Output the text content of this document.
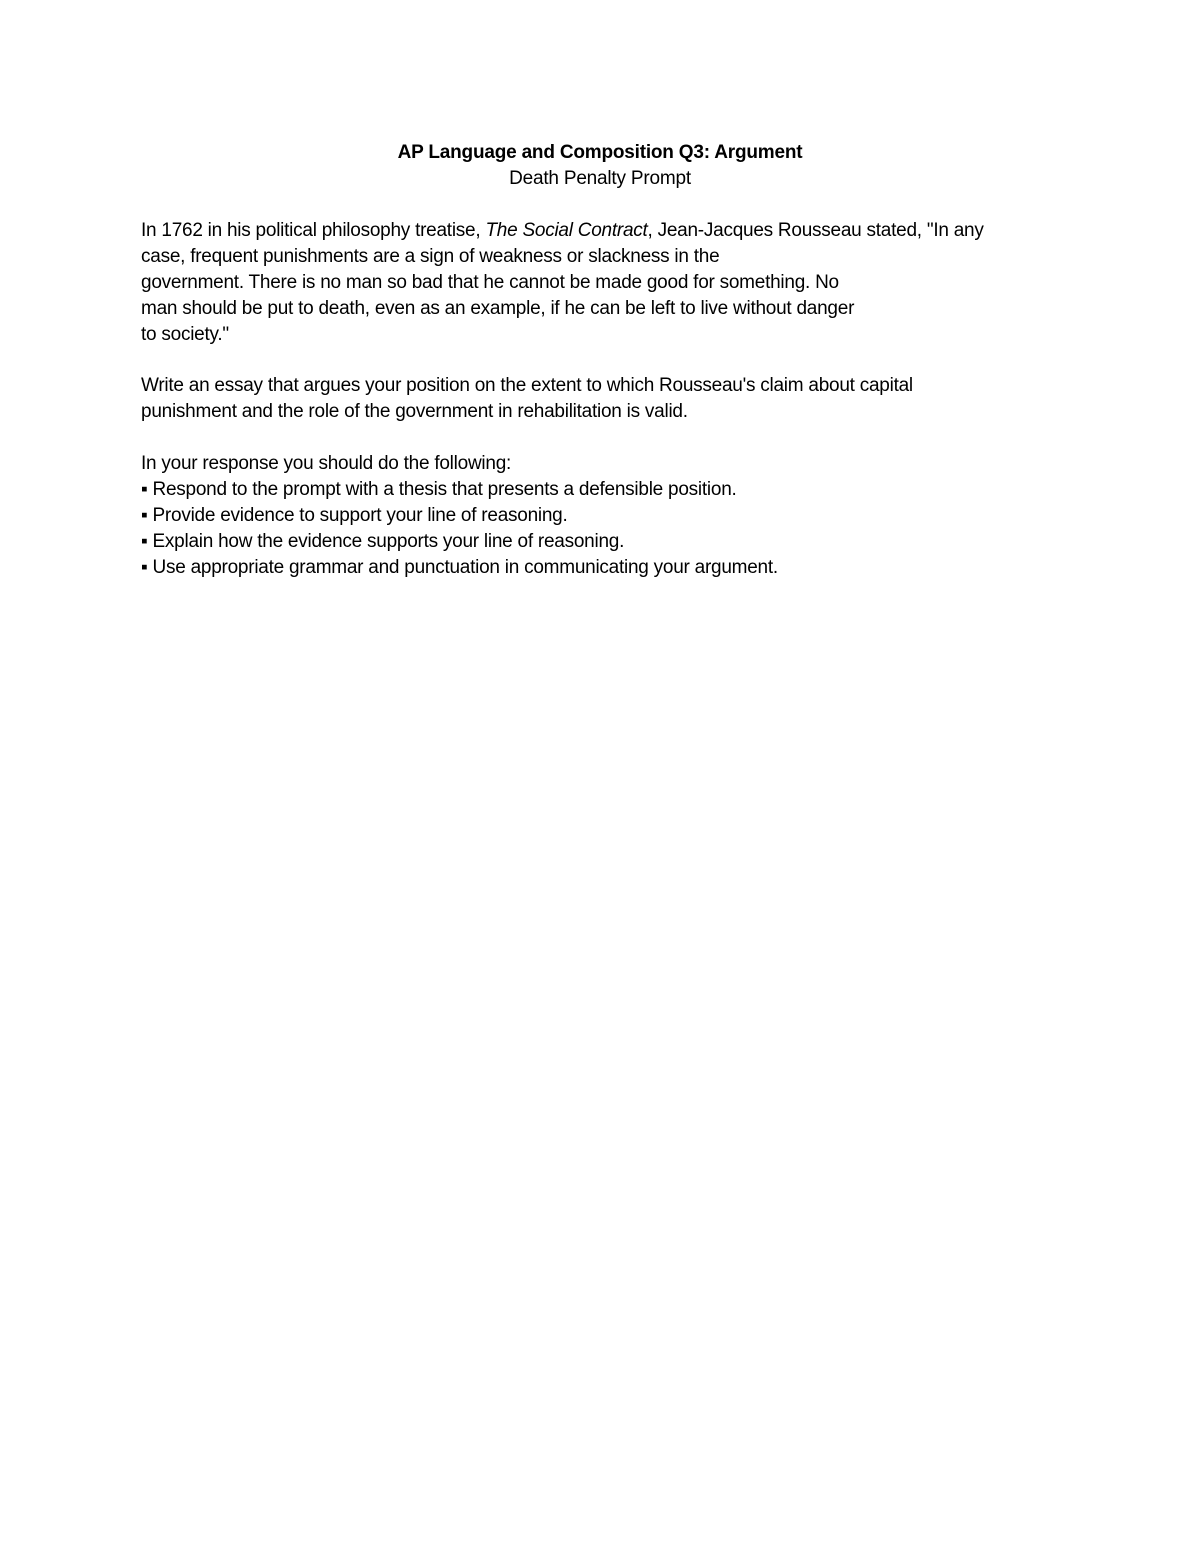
AP Language and Composition Q3: Argument
Death Penalty Prompt
In 1762 in his political philosophy treatise, The Social Contract, Jean-Jacques Rousseau stated, "In any
case, frequent punishments are a sign of weakness or slackness in the
government. There is no man so bad that he cannot be made good for something. No
man should be put to death, even as an example, if he can be left to live without danger
to society."
Write an essay that argues your position on the extent to which Rousseau's claim about capital
punishment and the role of the government in rehabilitation is valid.
In your response you should do the following:
▪ Respond to the prompt with a thesis that presents a defensible position.
▪ Provide evidence to support your line of reasoning.
▪ Explain how the evidence supports your line of reasoning.
▪ Use appropriate grammar and punctuation in communicating your argument.
